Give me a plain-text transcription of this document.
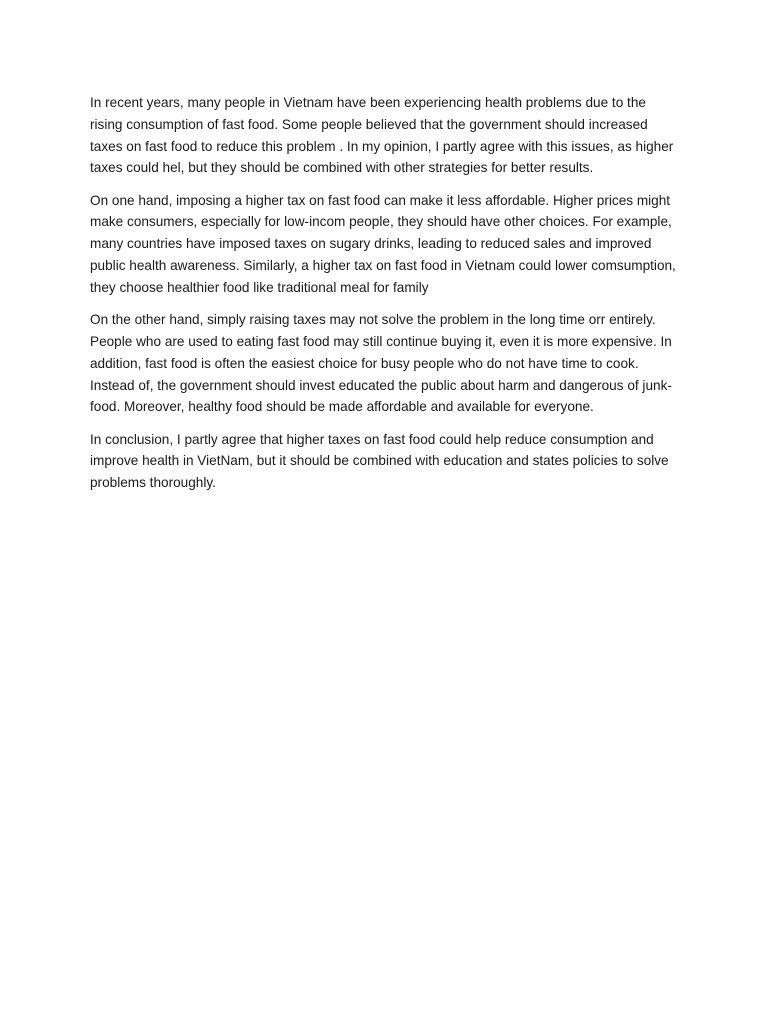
In recent years, many people in Vietnam have been experiencing health problems due to the rising consumption of fast food. Some people believed that the government should increased taxes on fast food to reduce this problem . In my opinion, I partly agree with this issues, as higher taxes could hel, but they should be combined with other strategies for better results.

On one hand, imposing a higher tax on fast food can make it less affordable. Higher prices might make consumers, especially for low-incom people, they should have other choices. For example, many countries have imposed taxes on sugary drinks, leading to reduced sales and improved public health awareness. Similarly, a higher tax on fast food in Vietnam could lower comsumption, they choose healthier food like traditional meal for family

On the other hand, simply raising taxes may not solve the problem in the long time orr entirely. People who are used to eating fast food may still continue buying it, even it is more expensive. In addition, fast food is often the easiest choice for busy people who do not have time to cook. Instead of, the government should invest educated the public about harm and dangerous of junk-food. Moreover, healthy food should be made affordable and available for everyone.

In conclusion, I partly agree that higher taxes on fast food could help reduce consumption and improve health in VietNam, but it should be combined with education and states policies to solve problems thoroughly.
